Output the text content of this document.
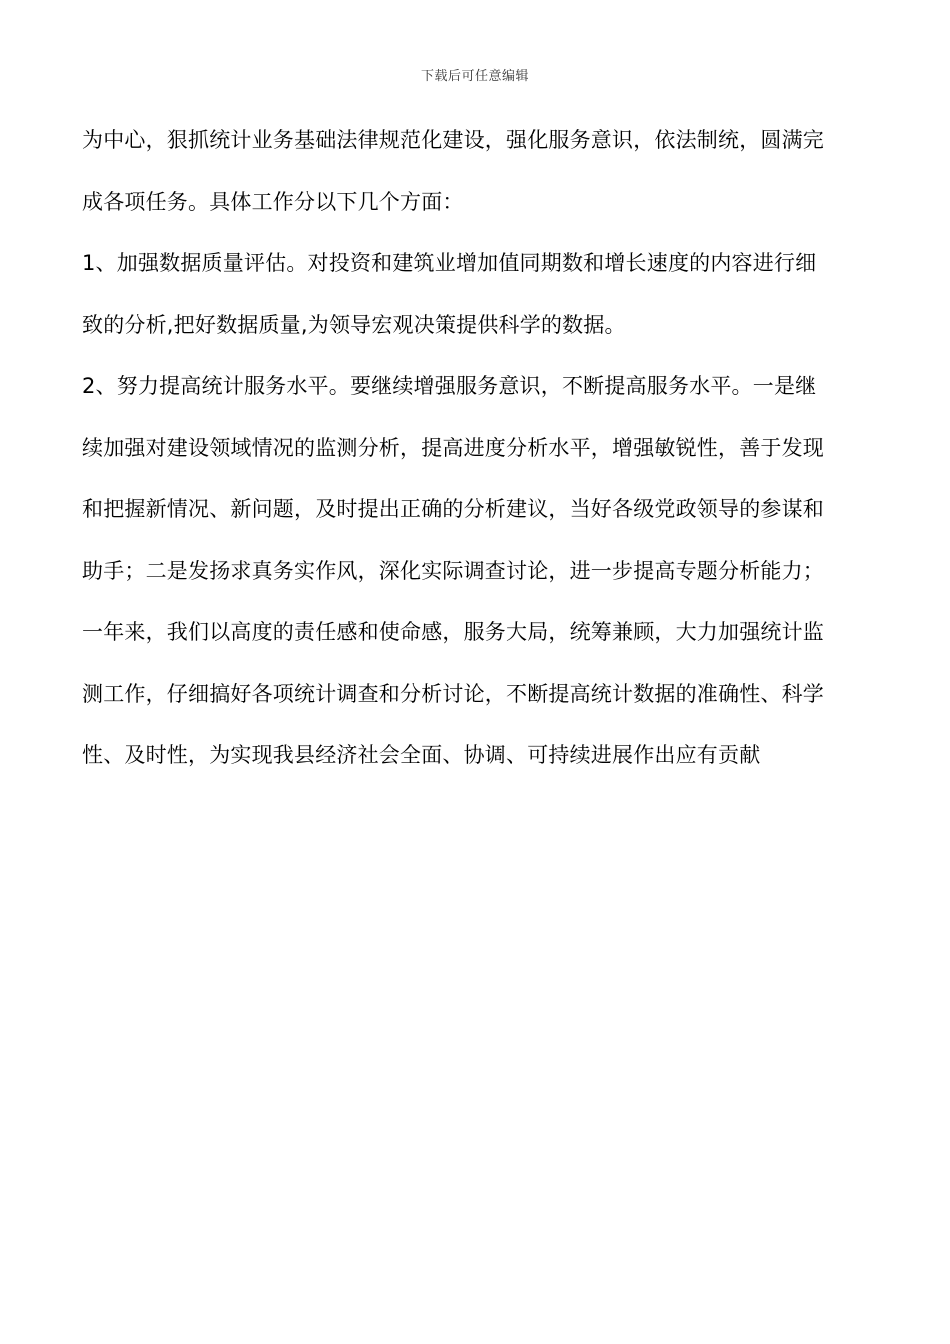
下载后可任意编辑
为中心，狠抓统计业务基础法律规范化建设，强化服务意识，依法制统，圆满完
成各项任务。具体工作分以下几个方面：
1、加强数据质量评估。对投资和建筑业增加值同期数和增长速度的内容进行细
致的分析,把好数据质量,为领导宏观决策提供科学的数据。
2、努力提高统计服务水平。要继续增强服务意识，不断提高服务水平。一是继
续加强对建设领域情况的监测分析，提高进度分析水平，增强敏锐性，善于发现
和把握新情况、新问题，及时提出正确的分析建议，当好各级党政领导的参谋和
助手；二是发扬求真务实作风，深化实际调查讨论，进一步提高专题分析能力；
一年来，我们以高度的责任感和使命感，服务大局，统筹兼顾，大力加强统计监
测工作，仔细搞好各项统计调查和分析讨论，不断提高统计数据的准确性、科学
性、及时性，为实现我县经济社会全面、协调、可持续进展作出应有贡献
